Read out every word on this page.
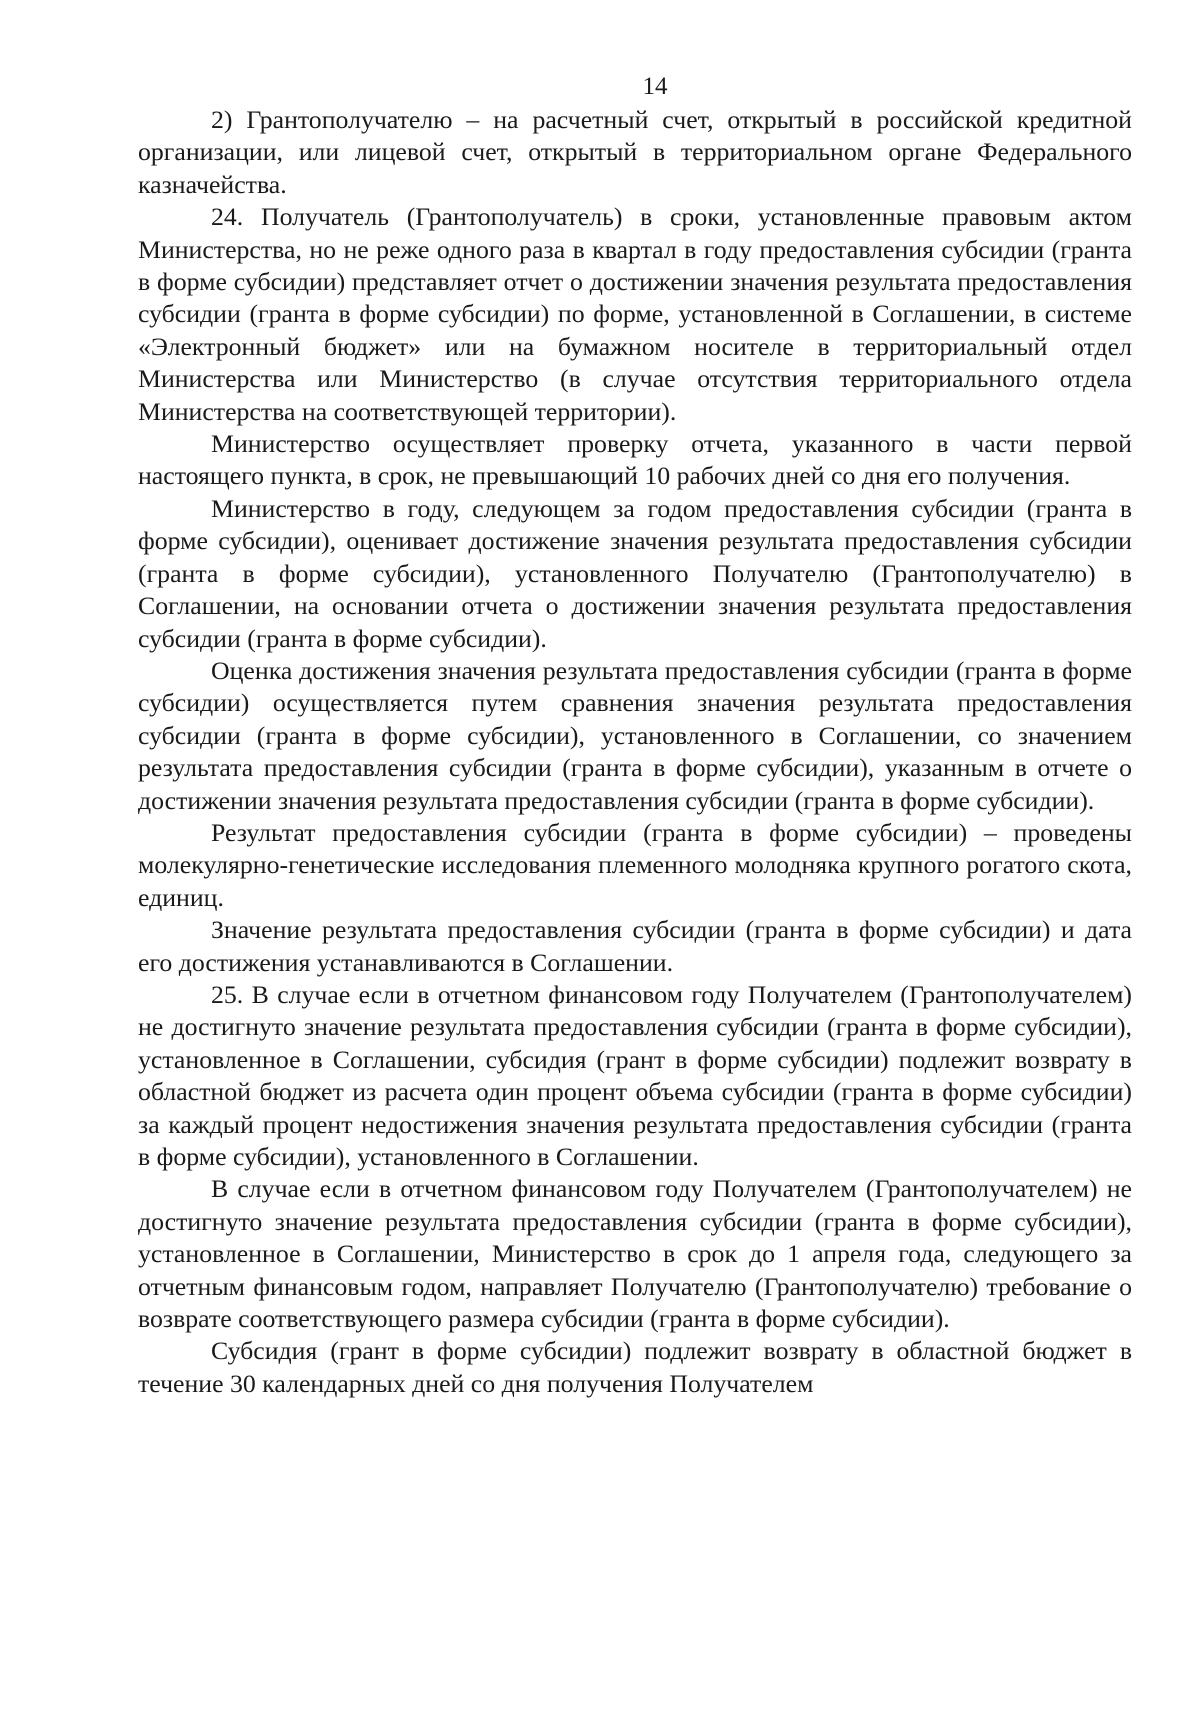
14

2) Грантополучателю – на расчетный счет, открытый в российской кредитной организации, или лицевой счет, открытый в территориальном органе Федерального казначейства.

24. Получатель (Грантополучатель) в сроки, установленные правовым актом Министерства, но не реже одного раза в квартал в году предоставления субсидии (гранта в форме субсидии) представляет отчет о достижении значения результата предоставления субсидии (гранта в форме субсидии) по форме, установленной в Соглашении, в системе «Электронный бюджет» или на бумажном носителе в территориальный отдел Министерства или Министерство (в случае отсутствия территориального отдела Министерства на соответствующей территории).

Министерство осуществляет проверку отчета, указанного в части первой настоящего пункта, в срок, не превышающий 10 рабочих дней со дня его получения.

Министерство в году, следующем за годом предоставления субсидии (гранта в форме субсидии), оценивает достижение значения результата предоставления субсидии (гранта в форме субсидии), установленного Получателю (Грантополучателю) в Соглашении, на основании отчета о достижении значения результата предоставления субсидии (гранта в форме субсидии).

Оценка достижения значения результата предоставления субсидии (гранта в форме субсидии) осуществляется путем сравнения значения результата предоставления субсидии (гранта в форме субсидии), установленного в Соглашении, со значением результата предоставления субсидии (гранта в форме субсидии), указанным в отчете о достижении значения результата предоставления субсидии (гранта в форме субсидии).

Результат предоставления субсидии (гранта в форме субсидии) – проведены молекулярно-генетические исследования племенного молодняка крупного рогатого скота, единиц.

Значение результата предоставления субсидии (гранта в форме субсидии) и дата его достижения устанавливаются в Соглашении.

25. В случае если в отчетном финансовом году Получателем (Грантополучателем) не достигнуто значение результата предоставления субсидии (гранта в форме субсидии), установленное в Соглашении, субсидия (грант в форме субсидии) подлежит возврату в областной бюджет из расчета один процент объема субсидии (гранта в форме субсидии) за каждый процент недостижения значения результата предоставления субсидии (гранта в форме субсидии), установленного в Соглашении.

В случае если в отчетном финансовом году Получателем (Грантополучателем) не достигнуто значение результата предоставления субсидии (гранта в форме субсидии), установленное в Соглашении, Министерство в срок до 1 апреля года, следующего за отчетным финансовым годом, направляет Получателю (Грантополучателю) требование о возврате соответствующего размера субсидии (гранта в форме субсидии).

Субсидия (грант в форме субсидии) подлежит возврату в областной бюджет в течение 30 календарных дней со дня получения Получателем
